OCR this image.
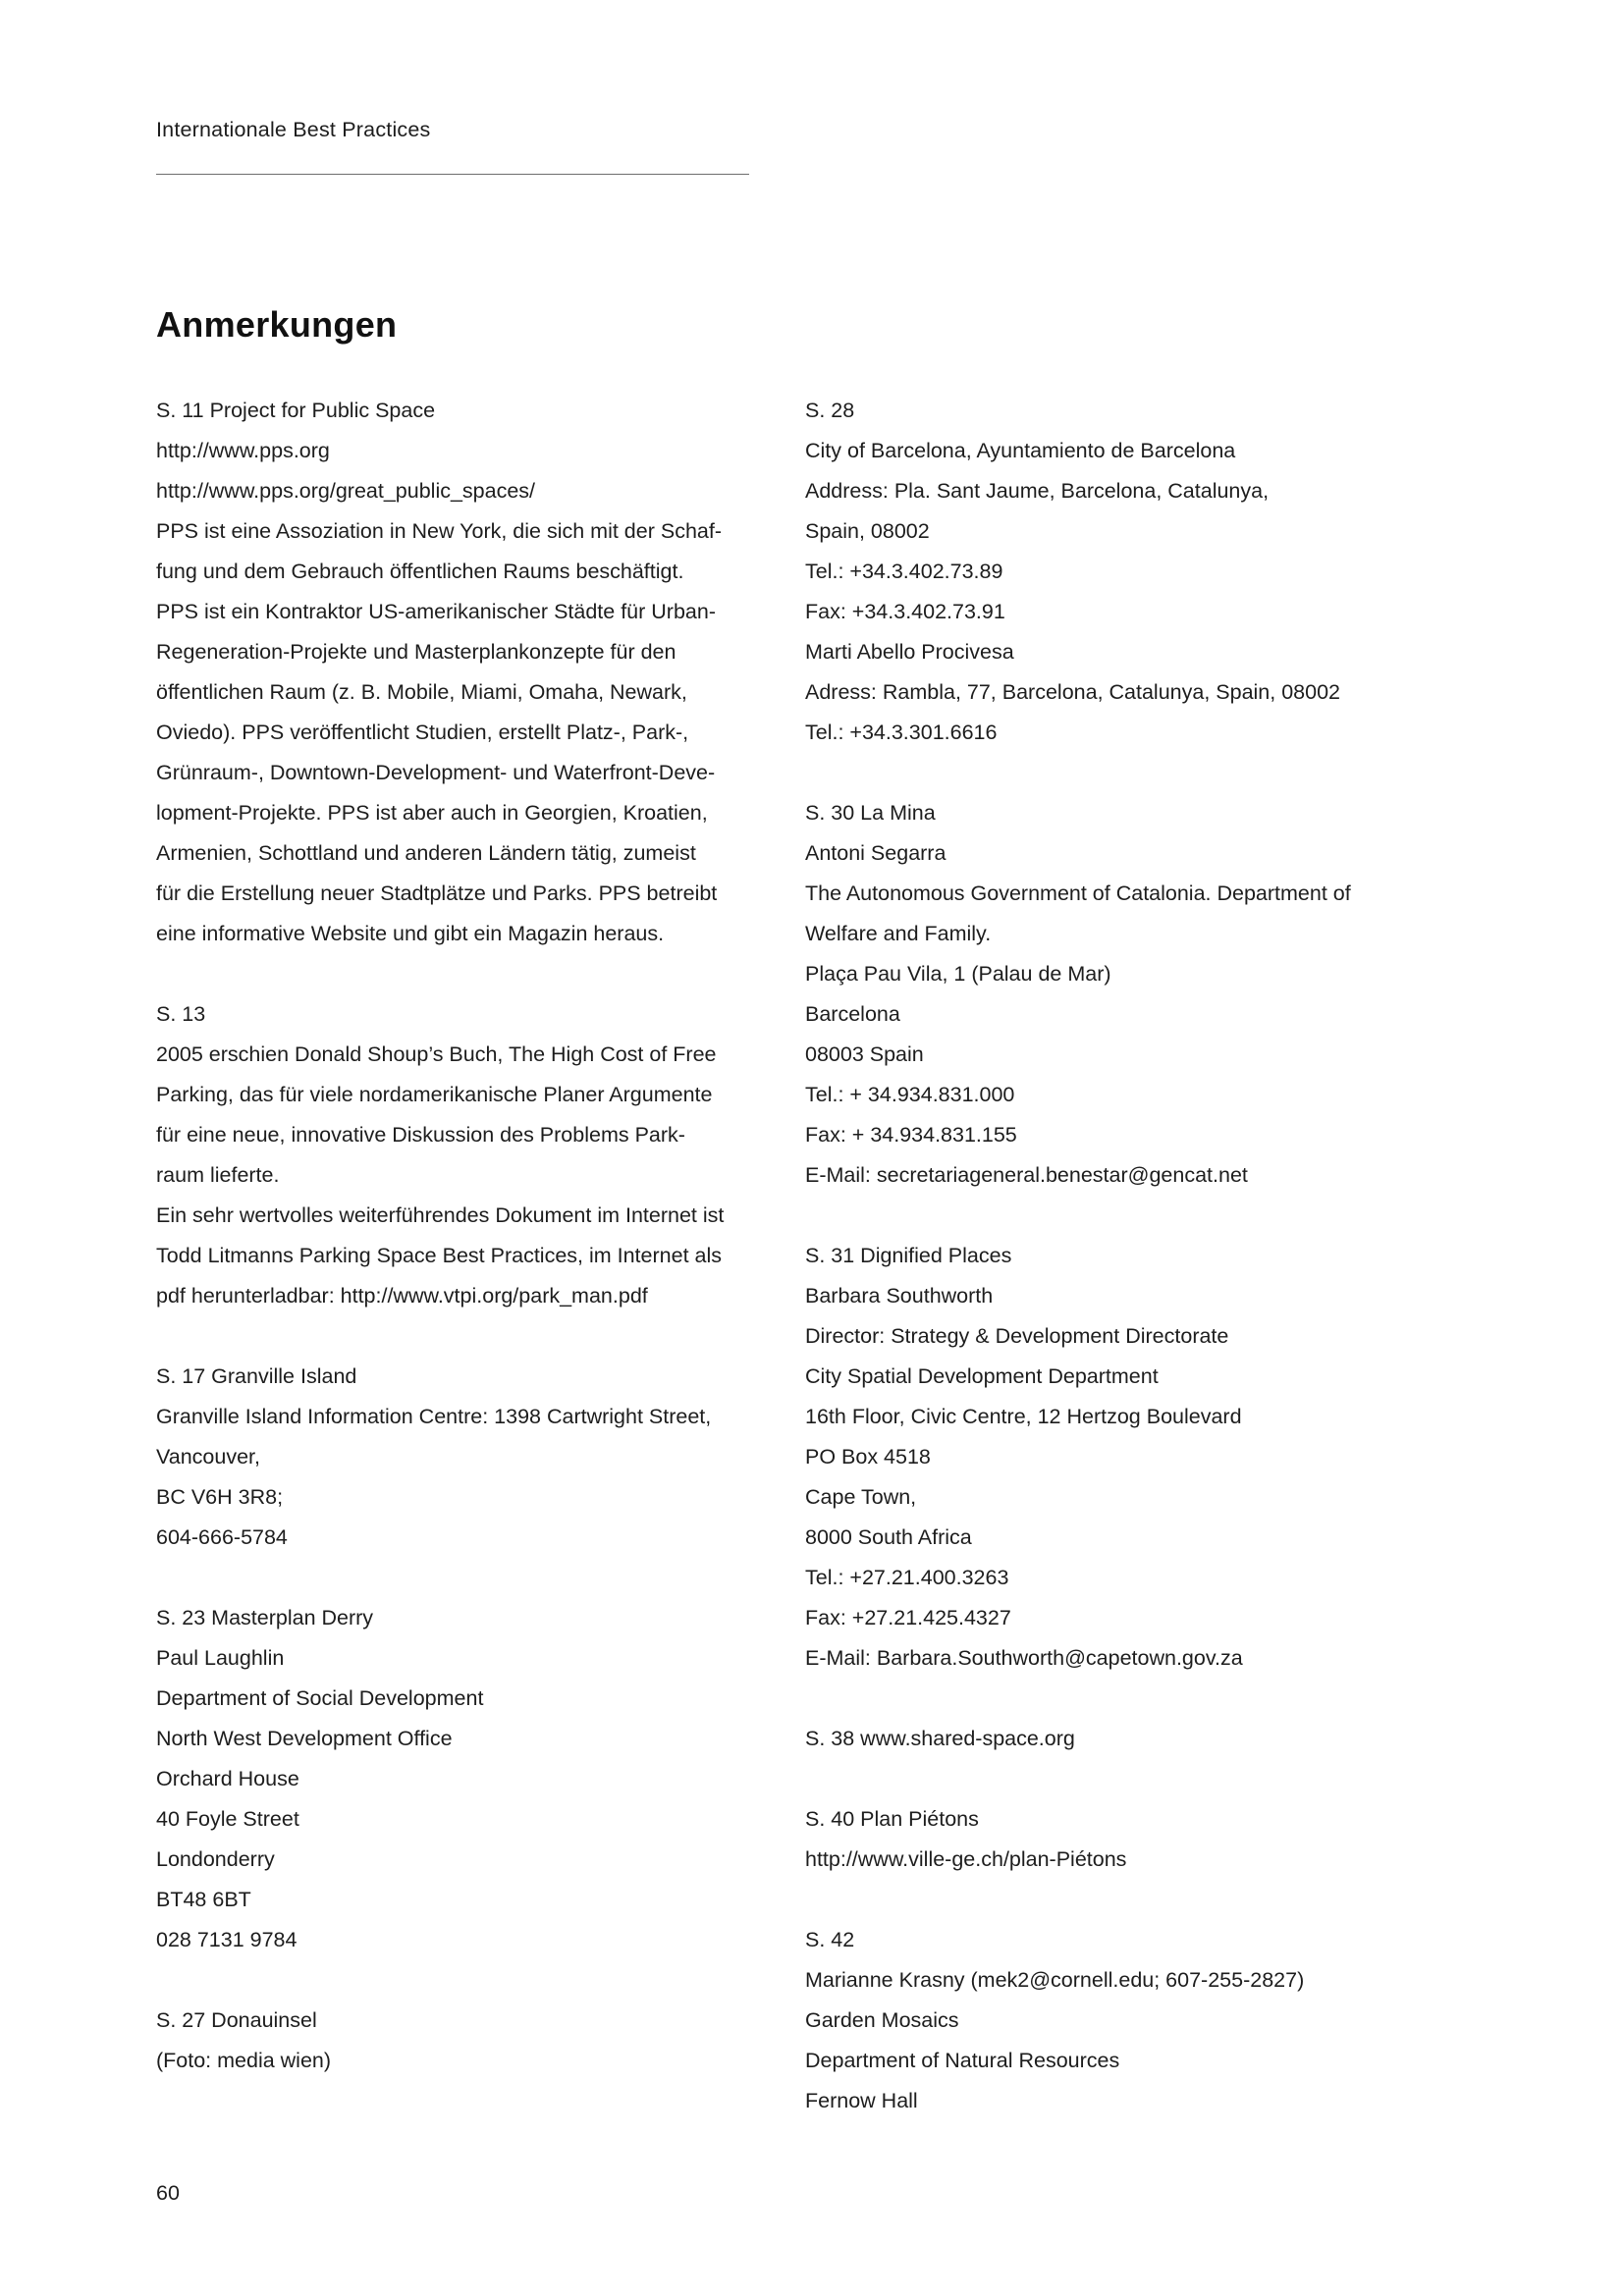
Internationale Best Practices
Anmerkungen

S. 11 Project for Public Space

http://www.pps.org

http://www.pps.org/great_public_spaces/

PPS ist eine Assoziation in New York, die sich mit der Schaf-

fung und dem Gebrauch öffentlichen Raums beschäftigt.

PPS ist ein Kontraktor US-amerikanischer Städte für Urban-

Regeneration-Projekte und Masterplankonzepte für den

öffentlichen Raum (z. B. Mobile, Miami, Omaha, Newark,

Oviedo). PPS veröffentlicht Studien, erstellt Platz-, Park-,

Grünraum-, Downtown-Development- und Waterfront-Deve-

lopment-Projekte. PPS ist aber auch in Georgien, Kroatien,

Armenien, Schottland und anderen Ländern tätig, zumeist

für die Erstellung neuer Stadtplätze und Parks. PPS betreibt

eine informative Website und gibt ein Magazin heraus.

S. 13

2005 erschien Donald Shoup’s Buch, The High Cost of Free

Parking, das für viele nordamerikanische Planer Argumente

für eine neue, innovative Diskussion des Problems Park-

raum lieferte.

Ein sehr wertvolles weiterführendes Dokument im Internet ist

Todd Litmanns Parking Space Best Practices, im Internet als

pdf herunterladbar: http://www.vtpi.org/park_man.pdf

S. 17 Granville Island

Granville Island Information Centre: 1398 Cartwright Street,

Vancouver,

BC V6H 3R8;

604-666-5784

S. 23 Masterplan Derry

Paul Laughlin

Department of Social Development

North West Development Office

Orchard House

40 Foyle Street

Londonderry

BT48 6BT

028 7131 9784

S. 27 Donauinsel

(Foto: media wien)

S. 28

City of Barcelona, Ayuntamiento de Barcelona

Address: Pla. Sant Jaume, Barcelona, Catalunya,

Spain, 08002

Tel.: +34.3.402.73.89

Fax: +34.3.402.73.91

Marti Abello Procivesa

Adress: Rambla, 77, Barcelona, Catalunya, Spain, 08002

Tel.: +34.3.301.6616

S. 30 La Mina

Antoni Segarra

The Autonomous Government of Catalonia. Department of

Welfare and Family.

Plaça Pau Vila, 1 (Palau de Mar)

Barcelona

08003 Spain

Tel.: + 34.934.831.000

Fax: + 34.934.831.155

E-Mail: secretariageneral.benestar@gencat.net

S. 31 Dignified Places

Barbara Southworth

Director: Strategy & Development Directorate

City Spatial Development Department

16th Floor, Civic Centre, 12 Hertzog Boulevard

PO Box 4518

Cape Town,

8000 South Africa

Tel.: +27.21.400.3263

Fax: +27.21.425.4327

E-Mail: Barbara.Southworth@capetown.gov.za

S. 38 www.shared-space.org

S. 40 Plan Piétons

http://www.ville-ge.ch/plan-Piétons

S. 42

Marianne Krasny (mek2@cornell.edu; 607-255-2827)

Garden Mosaics

Department of Natural Resources

Fernow Hall

60
